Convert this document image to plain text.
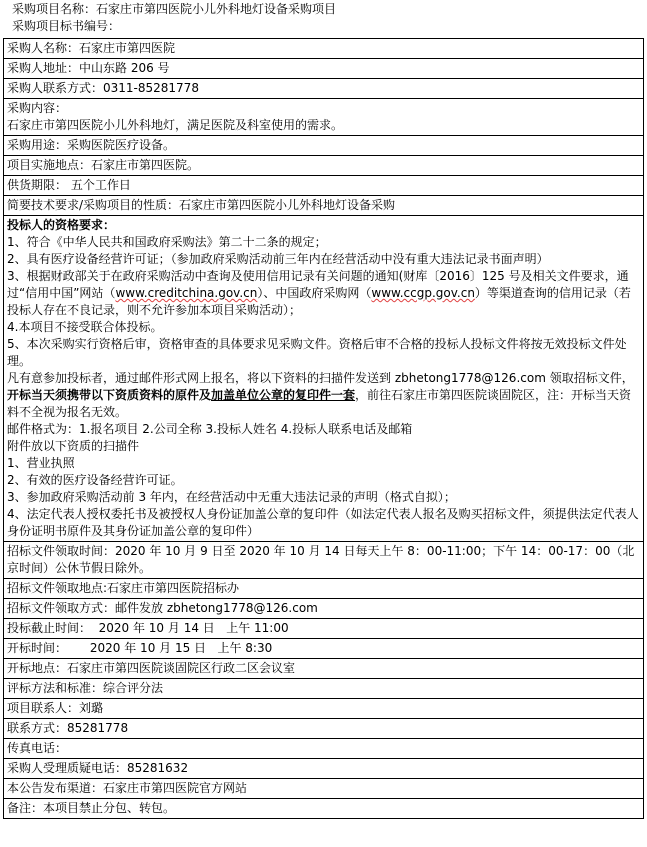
采购项目名称：石家庄市第四医院小儿外科地灯设备采购项目
采购项目标书编号：
采购人名称：石家庄市第四医院
采购人地址：中山东路 206 号
采购人联系方式：0311-85281778

采购内容：
石家庄市第四医院小儿外科地灯，满足医院及科室使用的需求。

采购用途：采购医院医疗设备。
项目实施地点：石家庄市第四医院。
供货期限： 五个工作日
简要技术要求/采购项目的性质：石家庄市第四医院小儿外科地灯设备采购

投标人的资格要求：
1、符合《中华人民共和国政府采购法》第二十二条的规定；
2、具有医疗设备经营许可证；（参加政府采购活动前三年内在经营活动中没有重大违法记录书面声明）
3、根据财政部关于在政府采购活动中查询及使用信用记录有关问题的通知(财库〔2016〕125 号及相关文件要求，通过“信用中国”网站（www.creditchina.gov.cn）、中国政府采购网（www.ccgp.gov.cn）等渠道查询的信用记录（若投标人存在不良记录，则不允许参加本项目采购活动）；
4.本项目不接受联合体投标。
5、本次采购实行资格后审，资格审查的具体要求见采购文件。资格后审不合格的投标人投标文件将按无效投标文件处理。
凡有意参加投标者，通过邮件形式网上报名，将以下资料的扫描件发送到 zbhetong1778@126.com 领取招标文件，开标当天须携带以下资质资料的原件及加盖单位公章的复印件一套，前往石家庄市第四医院谈固院区，注：开标当天资料不全视为报名无效。
邮件格式为：1.报名项目 2.公司全称 3.投标人姓名 4.投标人联系电话及邮箱
附件放以下资质的扫描件
1、营业执照
2、有效的医疗设备经营许可证。
3、参加政府采购活动前 3 年内，在经营活动中无重大违法记录的声明（格式自拟）；
4、法定代表人授权委托书及被授权人身份证加盖公章的复印件（如法定代表人报名及购买招标文件，须提供法定代表人身份证明书原件及其身份证加盖公章的复印件）

招标文件领取时间：2020 年 10 月 9 日至 2020 年 10 月 14 日每天上午 8：00-11:00；下午 14：00-17：00（北京时间）公休节假日除外。
招标文件领取地点:石家庄市第四医院招标办
招标文件领取方式：邮件发放 zbhetong1778@126.com
投标截止时间：  2020 年 10 月 14 日   上午 11:00
开标时间：      2020 年 10 月 15 日   上午 8:30
开标地点：石家庄市第四医院谈固院区行政二区会议室
评标方法和标准：综合评分法
项目联系人：刘璐
联系方式：85281778
传真电话：
采购人受理质疑电话：85281632
本公告发布渠道：石家庄市第四医院官方网站
备注：本项目禁止分包、转包。
